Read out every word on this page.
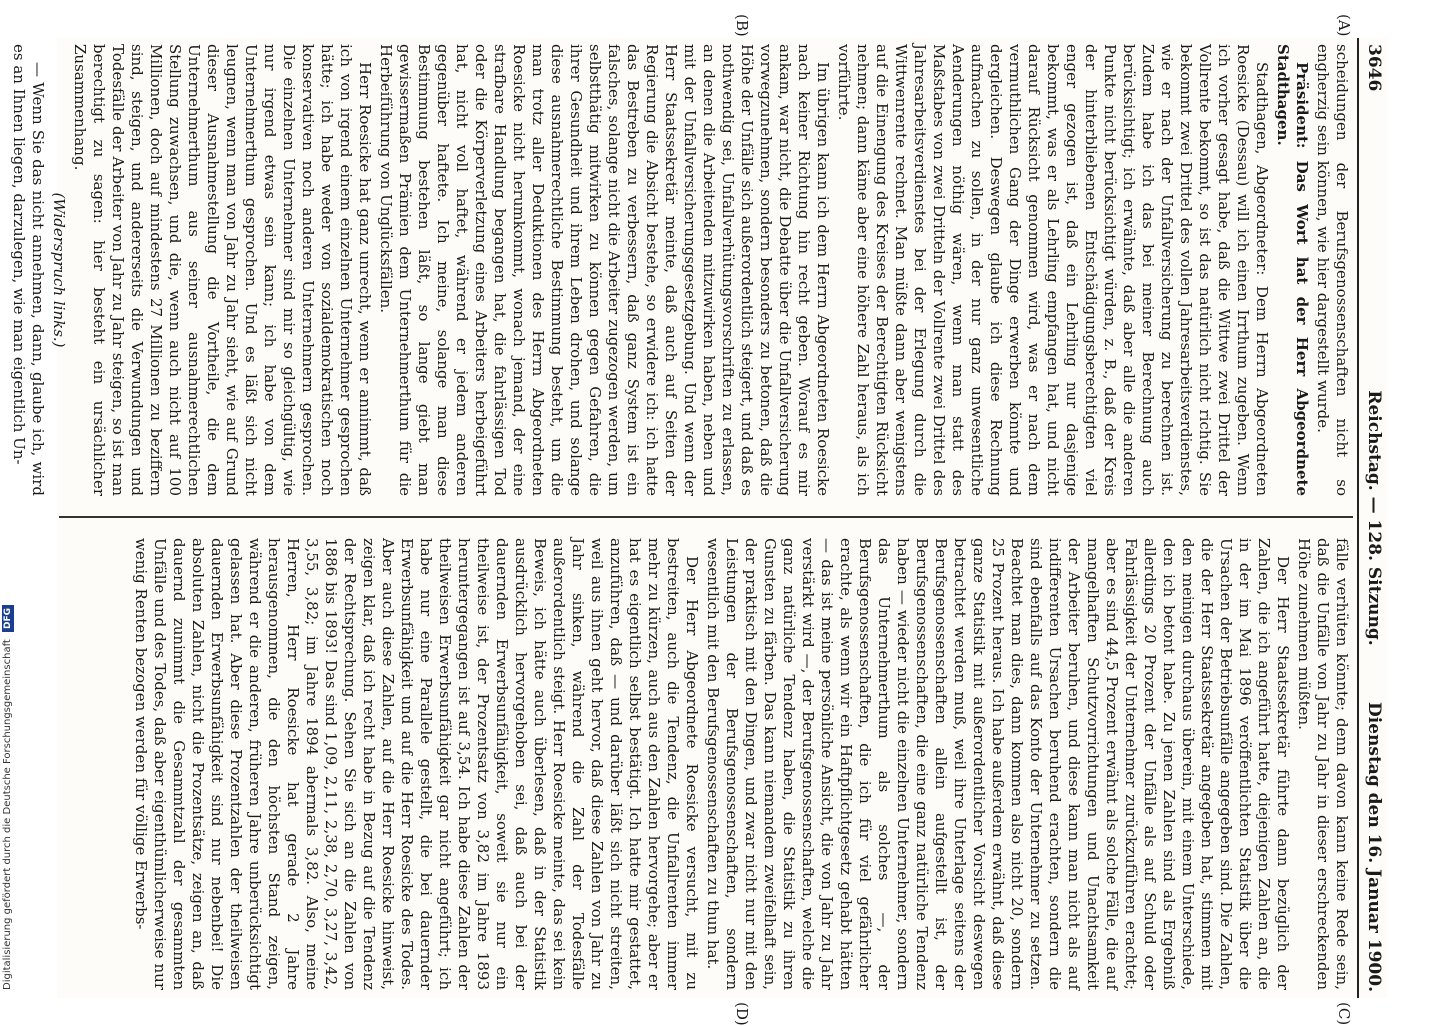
3646
Reichstag. — 128. Sitzung.
Dienstag den 16. Januar 1900.
(A)
(B)
(C)
(D)

scheidungen der Berufsgenossenschaften nicht so engherzig sein können, wie hier dargestellt wurde.

Präsident: Das Wort hat der Herr Abgeordnete Stadthagen.

Stadthagen, Abgeordneter: Dem Herrn Abgeordneten Roesicke (Dessau) will ich einen Irrthum zugeben. Wenn ich vorher gesagt habe, daß die Wittwe zwei Drittel der Vollrente bekommt, so ist das natürlich nicht richtig. Sie bekommt zwei Drittel des vollen Jahresarbeitsverdienstes, wie er nach der Unfallversicherung zu berechnen ist. Zudem habe ich das bei meiner Berechnung auch berücksichtigt; ich erwähnte, daß aber alle die anderen Punkte nicht berücksichtigt würden, z. B., daß der Kreis der hinterbliebenen Entschädigungsberechtigten viel enger gezogen ist, daß ein Lehrling nur dasjenige bekommt, was er als Lehrling empfangen hat, und nicht darauf Rücksicht genommen wird, was er nach dem vermuthlichen Gang der Dinge erwerben könnte und dergleichen. Deswegen glaube ich diese Rechnung aufmachen zu sollen, in der nur ganz unwesentliche Aenderungen nöthig wären, wenn man statt des Maßstabes von zwei Dritteln der Vollrente zwei Drittel des Jahresarbeitsverdienstes bei der Erlegung durch die Wittwenrente rechnet. Man müßte dann aber wenigstens auf die Einengung des Kreises der Berechtigten Rücksicht nehmen; dann käme aber eine höhere Zahl heraus, als ich vorführte.

Im übrigen kann ich dem Herrn Abgeordneten Roesicke nach keiner Richtung hin recht geben. Worauf es mir ankam, war nicht, die Debatte über die Unfallversicherung vorwegzunehmen, sondern besonders zu betonen, daß die Höhe der Unfälle sich außerordentlich steigert, und daß es nothwendig sei, Unfallverhütungsvorschriften zu erlassen, an denen die Arbeitenden mitzuwirken haben, neben und mit der Unfallversicherungsgesetzgebung. Und wenn der Herr Staatssekretär meinte, daß auch auf Seiten der Regierung die Absicht bestehe, so erwidere ich: ich hatte das Bestreben zu verbessern, daß ganz System ist ein falsches, solange nicht die Arbeiter zugezogen werden, um selbstthätig mitwirken zu können gegen Gefahren, die ihrer Gesundheit und ihrem Leben drohen, und solange diese ausnahmerechtliche Bestimmung besteht, um die man trotz aller Deduktionen des Herrn Abgeordneten Roesicke nicht herumkommt, wonach jemand, der eine strafbare Handlung begangen hat, die fahrlässigen Tod oder die Körperverletzung eines Arbeiters herbeigeführt hat, nicht voll haftet, während er jedem anderen gegenüber haftete. Ich meine, solange man diese Bestimmung bestehen läßt, so lange giebt man gewissermaßen Prämien dem Unternehmerthum für die Herbeiführung von Unglücksfällen.

Herr Roesicke hat ganz unrecht, wenn er annimmt, daß ich von irgend einem einzelnen Unternehmer gesprochen hätte; ich habe weder von sozialdemokratischen noch konservativen noch anderen Unternehmern gesprochen. Die einzelnen Unternehmer sind mir so gleichgültig, wie nur irgend etwas sein kann; ich habe von dem Unternehmerthum gesprochen. Und es läßt sich nicht leugnen, wenn man von Jahr zu Jahr sieht, wie auf Grund dieser Ausnahmestellung die Vortheile, die dem Unternehmerthum aus seiner ausnahmerechtlichen Stellung zuwachsen, und die, wenn auch nicht auf 100 Millionen, doch auf mindestens 27 Millionen zu beziffern sind, steigen, und andererseits die Verwundungen und Todesfälle der Arbeiter von Jahr zu Jahr steigen, so ist man berechtigt zu sagen: hier besteht ein ursächlicher Zusammenhang.

(Widerspruch links.)

— Wenn Sie das nicht annehmen, dann, glaube ich, wird es an Ihnen liegen, darzulegen, wie man eigentlich Un-

fälle verhüten könnte; denn davon kann keine Rede sein, daß die Unfälle von Jahr zu Jahr in dieser erschreckenden Höhe zunehmen müßten.

Der Herr Staatssekretär führte dann bezüglich der Zahlen, die ich angeführt hatte, diejenigen Zahlen an, die in der im Mai 1896 veröffentlichten Statistik über die Ursachen der Betriebsunfälle angegeben sind. Die Zahlen, die der Herr Staatssekretär angegeben hat, stimmen mit den meinigen durchaus überein, mit einem Unterschiede, den ich betont habe. Zu jenen Zahlen sind als Ergebniß allerdings 20 Prozent der Unfälle als auf Schuld oder Fahrlässigkeit der Unternehmer zurückzuführen erachtet; aber es sind 44,5 Prozent erwähnt als solche Fälle, die auf mangelhaften Schutzvorrichtungen und Unachtsamkeit der Arbeiter beruhen, und diese kann man nicht als auf indifferenten Ursachen beruhend erachten, sondern die sind ebenfalls auf das Konto der Unternehmer zu setzen. Beachtet man dies, dann kommen also nicht 20, sondern 25 Prozent heraus. Ich habe außerdem erwähnt, daß diese ganze Statistik mit außerordentlicher Vorsicht deswegen betrachtet werden muß, weil ihre Unterlage seitens der Berufsgenossenschaften allein aufgestellt ist, der Berufsgenossenschaften, die eine ganz natürliche Tendenz haben — wieder nicht die einzelnen Unternehmer, sondern das Unternehmerthum als solches —, der Berufsgenossenschaften, die ich für viel gefährlicher erachte, als wenn wir ein Haftpflichtgesetz gehabt hätten — das ist meine persönliche Ansicht, die von Jahr zu Jahr verstärkt wird —, der Berufsgenossenschaften, welche die ganz natürliche Tendenz haben, die Statistik zu ihren Gunsten zu färben. Das kann niemandem zweifelhaft sein, der praktisch mit den Dingen, und zwar nicht nur mit den Leistungen der Berufsgenossenschaften, sondern wesentlich mit den Berufsgenossenschaften zu thun hat.

Der Herr Abgeordnete Roesicke versucht, mit zu bestreiten, auch die Tendenz, die Unfallrenten immer mehr zu kürzen, auch aus den Zahlen hervorgehe; aber er hat es eigentlich selbst bestätigt. Ich hatte mir gestattet, anzuführen, daß — und darüber läßt sich nicht streiten, weil aus ihnen geht hervor, daß diese Zahlen von Jahr zu Jahr sinken, während die Zahl der Todesfälle außerordentlich steigt. Herr Roesicke meinte, das sei kein Beweis, ich hätte auch überlesen, daß in der Statistik ausdrücklich hervorgehoben sei, daß auch bei der dauernden Erwerbsunfähigkeit, soweit sie nur ein theilweise ist, der Prozentsatz von 3,82 im Jahre 1893 heruntergegangen ist auf 3,54. Ich habe diese Zahlen der theilweisen Erwerbsunfähigkeit gar nicht angeführt; ich habe nur eine Parallele gestellt, die bei dauernder Erwerbsunfähigkeit und auf die Herr Roesicke des Todes. Aber auch diese Zahlen, auf die Herr Roesicke hinweist, zeigen klar, daß ich recht habe in Bezug auf die Tendenz der Rechtsprechung. Sehen Sie sich an die Zahlen von 1886 bis 1893! Das sind 1,09, 2,11, 2,38, 2,70, 3,27, 3,42, 3,55, 3,82; im Jahre 1894 abermals 3,82. Also, meine Herren, Herr Roesicke hat gerade 2 Jahre herausgenommen, die den höchsten Stand zeigen, während er die anderen, früheren Jahre unberücksichtigt gelassen hat. Aber diese Prozentzahlen der theilweisen dauernden Erwerbsunfähigkeit sind nur nebenbei! Die absoluten Zahlen, nicht die Prozentsätze, zeigen an, daß dauernd zunimmt die Gesammtzahl der gesammten Unfälle und des Todes, daß aber eigenthümlicherweise nur wenig Renten bezogen werden für völlige Erwerbs-

Digitalisierung gefördert durch die Deutsche Forschungsgemeinschaft DFG
